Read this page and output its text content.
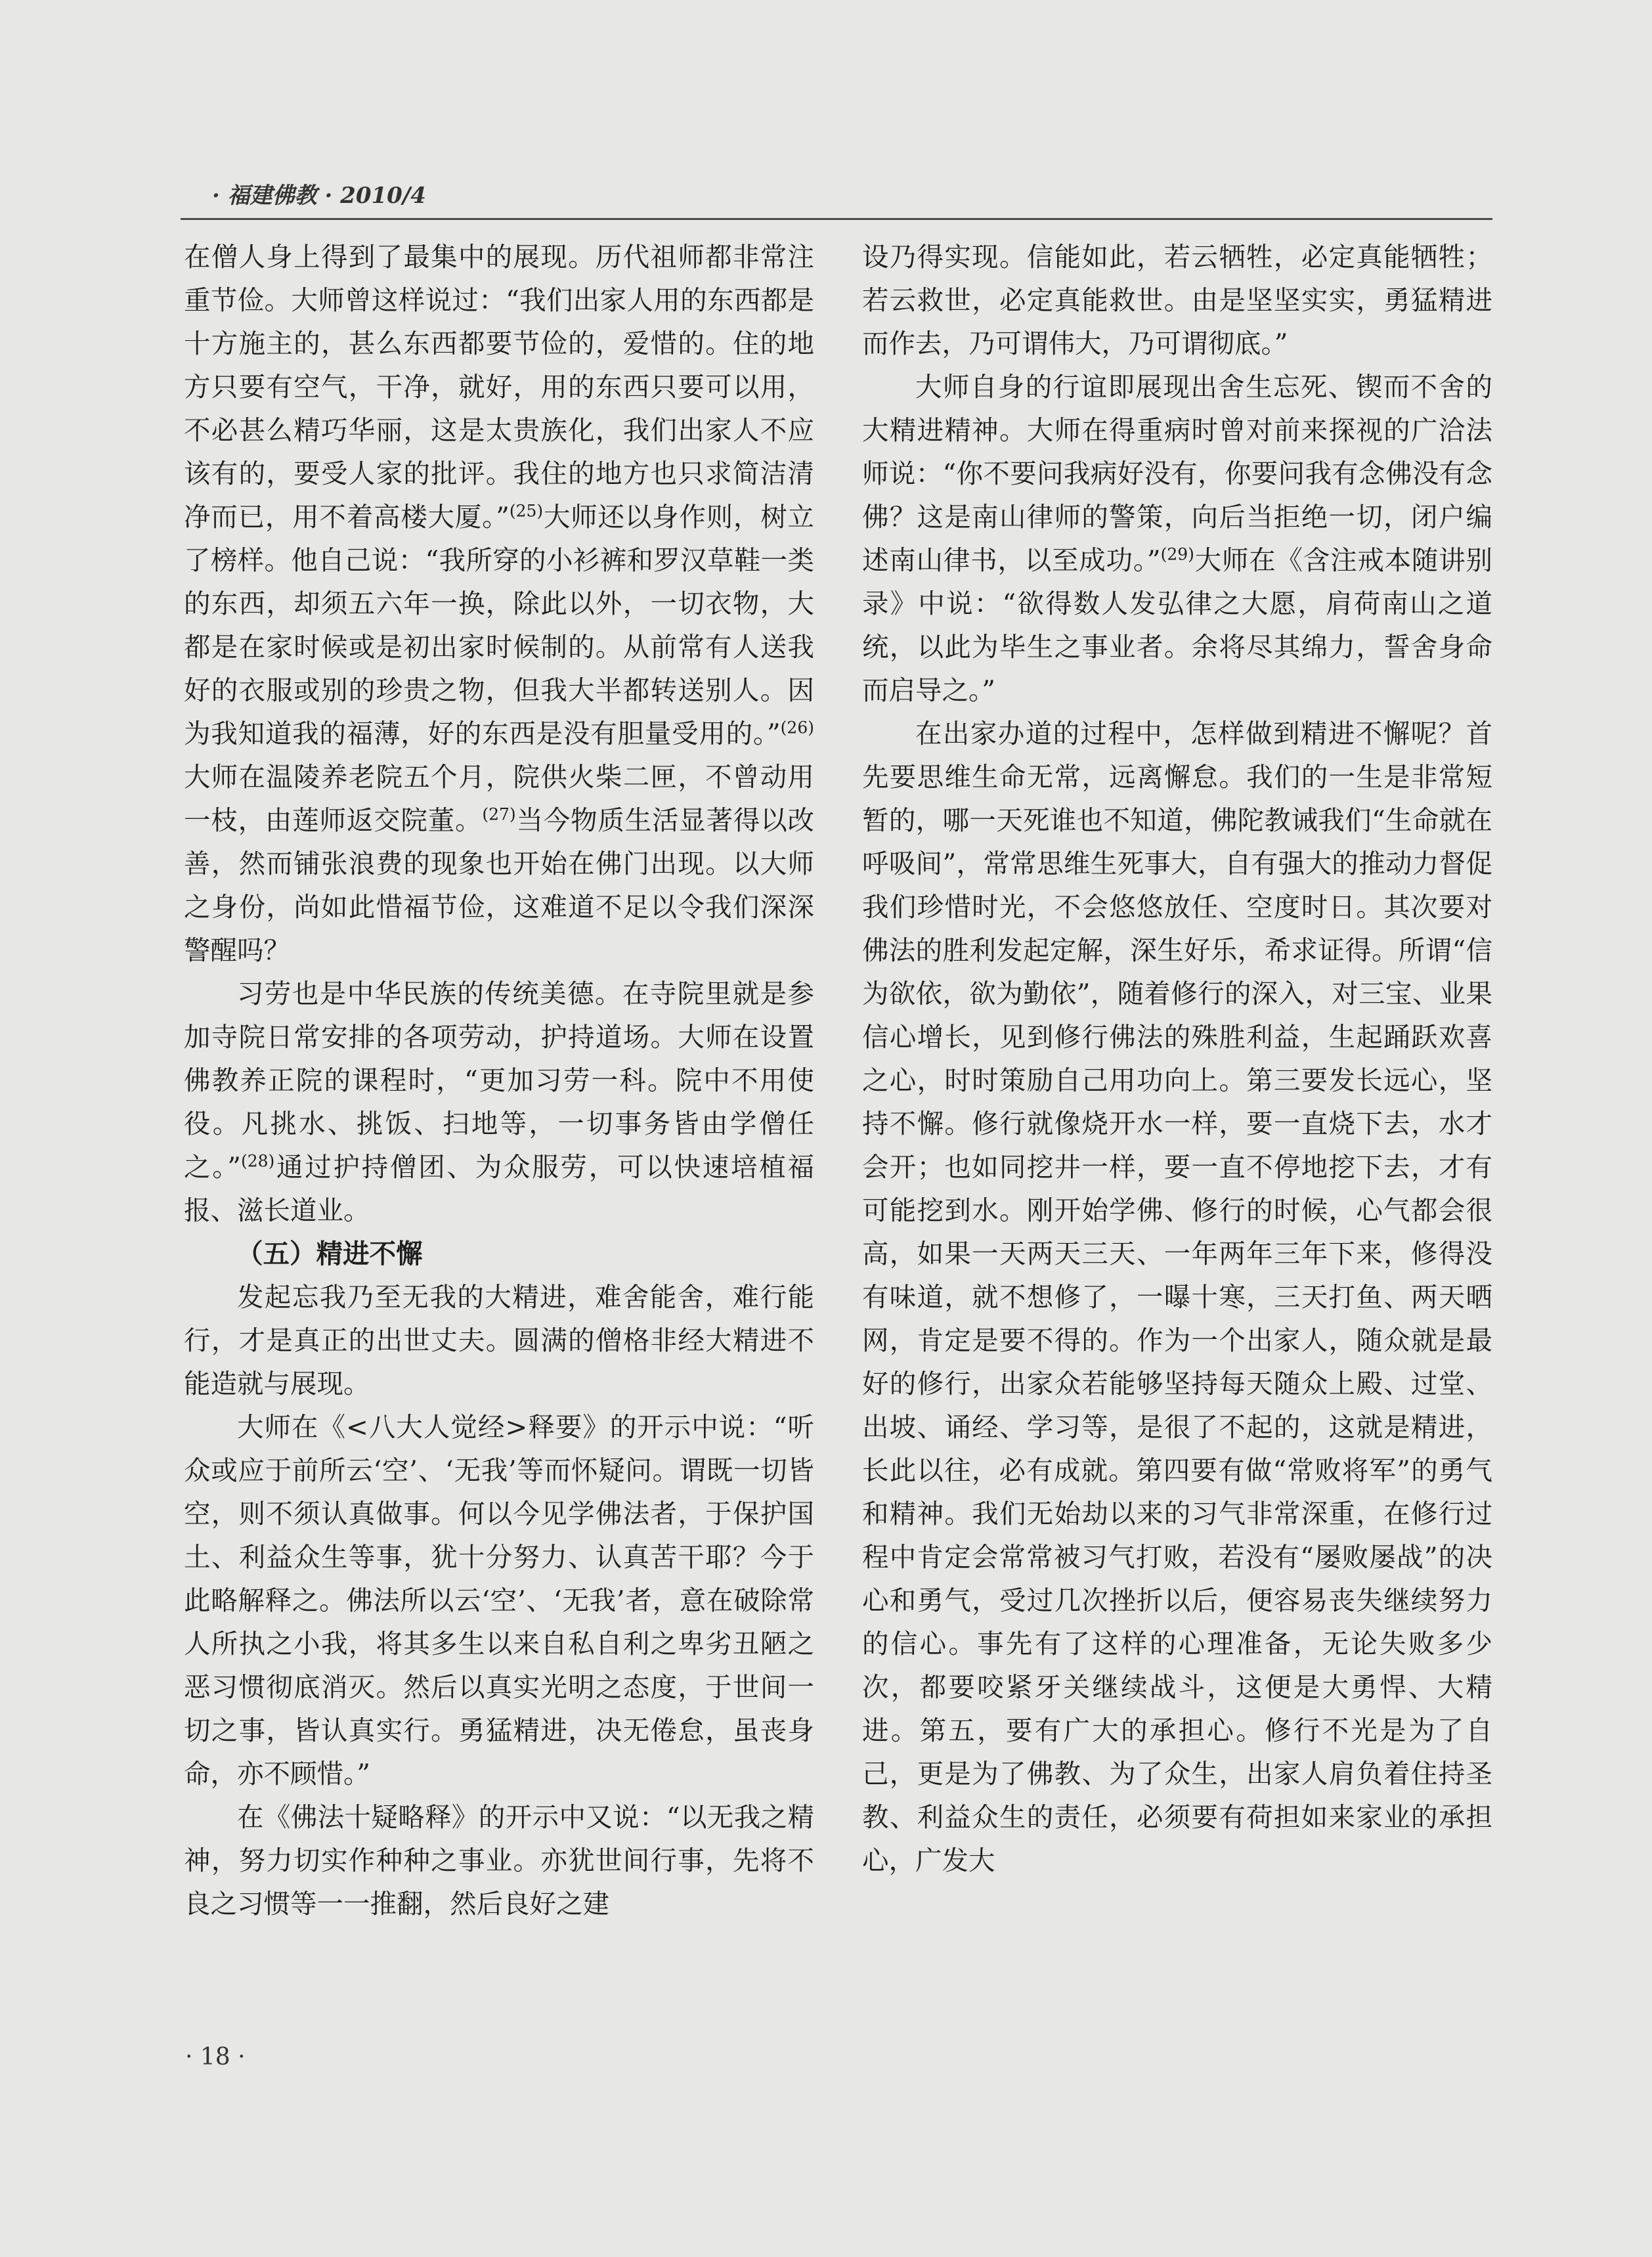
· 福建佛教 · 2010/4

在僧人身上得到了最集中的展现。历代祖师都非常注重节俭。大师曾这样说过：“我们出家人用的东西都是十方施主的，甚么东西都要节俭的，爱惜的。住的地方只要有空气，干净，就好，用的东西只要可以用，不必甚么精巧华丽，这是太贵族化，我们出家人不应该有的，要受人家的批评。我住的地方也只求简洁清净而已，用不着高楼大厦。”$^{(25)}$大师还以身作则，树立了榜样。他自己说：“我所穿的小衫裤和罗汉草鞋一类的东西，却须五六年一换，除此以外，一切衣物，大都是在家时候或是初出家时候制的。从前常有人送我好的衣服或别的珍贵之物，但我大半都转送别人。因为我知道我的福薄，好的东西是没有胆量受用的。”$^{(26)}$大师在温陵养老院五个月，院供火柴二匣，不曾动用一枝，由莲师返交院董。$^{(27)}$当今物质生活显著得以改善，然而铺张浪费的现象也开始在佛门出现。以大师之身份，尚如此惜福节俭，这难道不足以令我们深深警醒吗？

习劳也是中华民族的传统美德。在寺院里就是参加寺院日常安排的各项劳动，护持道场。大师在设置佛教养正院的课程时，“更加习劳一科。院中不用使役。凡挑水、挑饭、扫地等，一切事务皆由学僧任之。”$^{(28)}$通过护持僧团、为众服劳，可以快速培植福报、滋长道业。

（五）精进不懈

发起忘我乃至无我的大精进，难舍能舍，难行能行，才是真正的出世丈夫。圆满的僧格非经大精进不能造就与展现。

大师在《<八大人觉经>释要》的开示中说：“听众或应于前所云‘空’、‘无我’等而怀疑问。谓既一切皆空，则不须认真做事。何以今见学佛法者，于保护国土、利益众生等事，犹十分努力、认真苦干耶？今于此略解释之。佛法所以云‘空’、‘无我’者，意在破除常人所执之小我，将其多生以来自私自利之卑劣丑陋之恶习惯彻底消灭。然后以真实光明之态度，于世间一切之事，皆认真实行。勇猛精进，决无倦怠，虽丧身命，亦不顾惜。”

在《佛法十疑略释》的开示中又说：“以无我之精神，努力切实作种种之事业。亦犹世间行事，先将不良之习惯等一一推翻，然后良好之建

设乃得实现。信能如此，若云牺牲，必定真能牺牲；若云救世，必定真能救世。由是坚坚实实，勇猛精进而作去，乃可谓伟大，乃可谓彻底。”

大师自身的行谊即展现出舍生忘死、锲而不舍的大精进精神。大师在得重病时曾对前来探视的广洽法师说：“你不要问我病好没有，你要问我有念佛没有念佛？这是南山律师的警策，向后当拒绝一切，闭户编述南山律书，以至成功。”$^{(29)}$大师在《含注戒本随讲别录》中说：“欲得数人发弘律之大愿，肩荷南山之道统，以此为毕生之事业者。余将尽其绵力，誓舍身命而启导之。”

在出家办道的过程中，怎样做到精进不懈呢？首先要思维生命无常，远离懈怠。我们的一生是非常短暂的，哪一天死谁也不知道，佛陀教诫我们“生命就在呼吸间”，常常思维生死事大，自有强大的推动力督促我们珍惜时光，不会悠悠放任、空度时日。其次要对佛法的胜利发起定解，深生好乐，希求证得。所谓“信为欲依，欲为勤依”，随着修行的深入，对三宝、业果信心增长，见到修行佛法的殊胜利益，生起踊跃欢喜之心，时时策励自己用功向上。第三要发长远心，坚持不懈。修行就像烧开水一样，要一直烧下去，水才会开；也如同挖井一样，要一直不停地挖下去，才有可能挖到水。刚开始学佛、修行的时候，心气都会很高，如果一天两天三天、一年两年三年下来，修得没有味道，就不想修了，一曝十寒，三天打鱼、两天晒网，肯定是要不得的。作为一个出家人，随众就是最好的修行，出家众若能够坚持每天随众上殿、过堂、出坡、诵经、学习等，是很了不起的，这就是精进，长此以往，必有成就。第四要有做“常败将军”的勇气和精神。我们无始劫以来的习气非常深重，在修行过程中肯定会常常被习气打败，若没有“屡败屡战”的决心和勇气，受过几次挫折以后，便容易丧失继续努力的信心。事先有了这样的心理准备，无论失败多少次，都要咬紧牙关继续战斗，这便是大勇悍、大精进。第五，要有广大的承担心。修行不光是为了自己，更是为了佛教、为了众生，出家人肩负着住持圣教、利益众生的责任，必须要有荷担如来家业的承担心，广发大

· 18 ·
